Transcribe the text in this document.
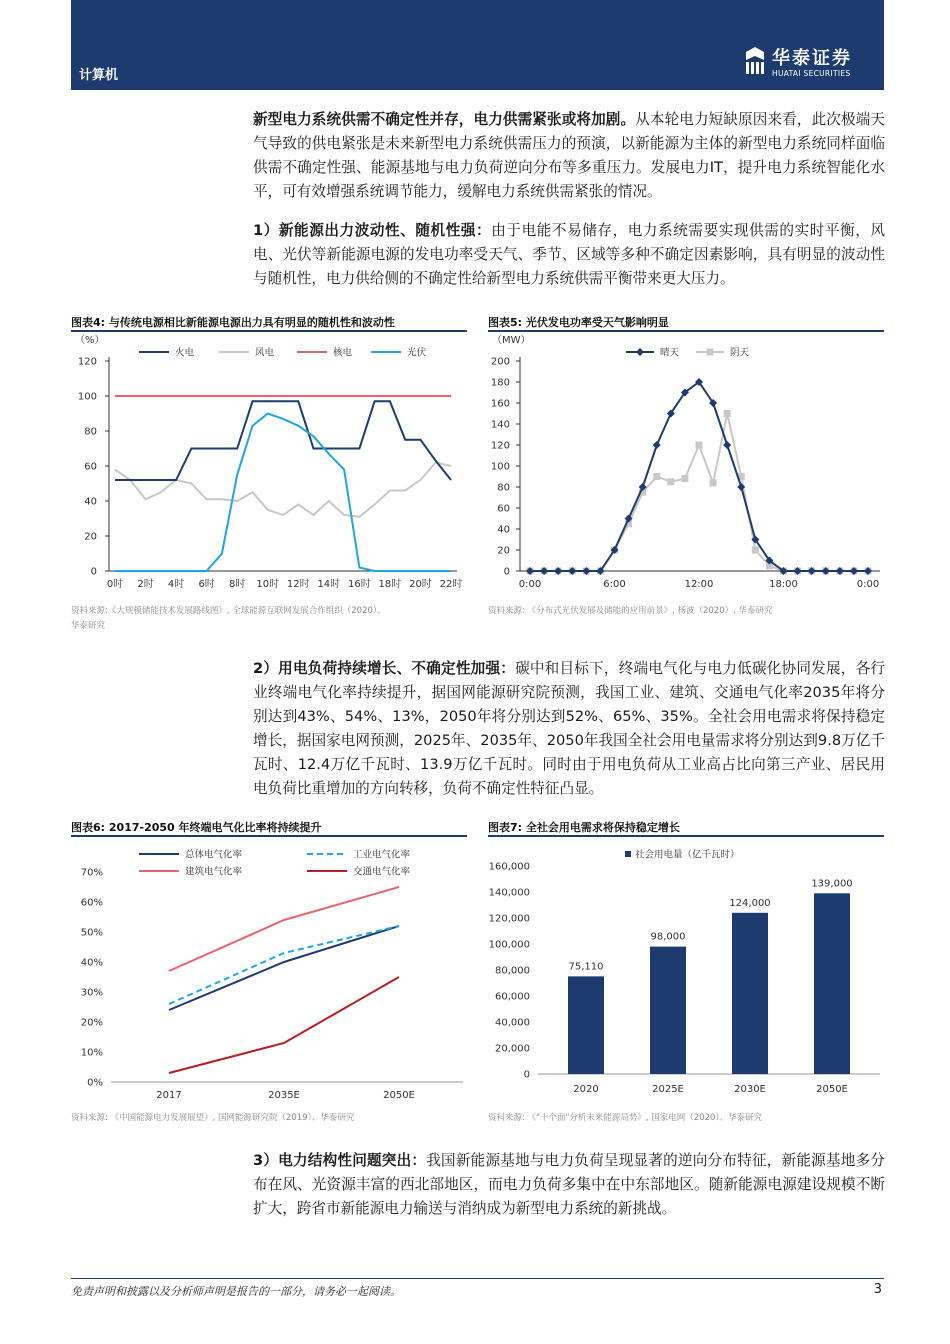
计算机
华泰证券
HUATAI SECURITIES
新型电力系统供需不确定性并存，电力供需紧张或将加剧。从本轮电力短缺原因来看，此次极端天气导致的供电紧张是未来新型电力系统供需压力的预演，以新能源为主体的新型电力系统同样面临供需不确定性强、能源基地与电力负荷逆向分布等多重压力。发展电力IT，提升电力系统智能化水平，可有效增强系统调节能力，缓解电力系统供需紧张的情况。
1）新能源出力波动性、随机性强：由于电能不易储存，电力系统需要实现供需的实时平衡，风电、光伏等新能源电源的发电功率受天气、季节、区域等多种不确定因素影响，具有明显的波动性与随机性，电力供给侧的不确定性给新型电力系统供需平衡带来更大压力。
图表4: 与传统电源相比新能源电源出力具有明显的随机性和波动性
（%）
0
20
40
60
80
100
120
0时 2时 4时 6时 8时 10时 12时 14时 16时 18时 20时 22时
火电	风电	核电	光伏
资料来源:《大规模储能技术发展路线图》, 全球能源互联网发展合作组织（2020）、
华泰研究
图表5: 光伏发电功率受天气影响明显
（MW）
0
20
40
60
80
100
120
140
160
180
200
0:00	6:00	12:00	18:00	0:00
晴天	阴天
资料来源: 《分布式光伏发展及储能的应用前景》, 杨波（2020）, 华泰研究
2）用电负荷持续增长、不确定性加强：碳中和目标下，终端电气化与电力低碳化协同发展，各行业终端电气化率持续提升，据国网能源研究院预测，我国工业、建筑、交通电气化率2035年将分别达到43%、54%、13%，2050年将分别达到52%、65%、35%。全社会用电需求将保持稳定增长，据国家电网预测，2025年、2035年、2050年我国全社会用电量需求将分别达到9.8万亿千瓦时、12.4万亿千瓦时、13.9万亿千瓦时。同时由于用电负荷从工业高占比向第三产业、居民用电负荷比重增加的方向转移，负荷不确定性特征凸显。
图表6: 2017-2050 年终端电气化比率将持续提升
0%
10%
20%
30%
40%
50%
60%
70%
2017	2035E	2050E
总体电气化率	工业电气化率
建筑电气化率	交通电气化率
资料来源: 《中国能源电力发展展望》, 国网能源研究院（2019）、华泰研究
图表7: 全社会用电需求将保持稳定增长
0
20,000
40,000
60,000
80,000
100,000
120,000
140,000
160,000
75,110
2020
98,000
2025E
124,000
2030E
139,000
2050E
社会用电量（亿千瓦时）
资料来源: 《"十个面"分析未来能源局势》, 国家电网（2020）、华泰研究
3）电力结构性问题突出：我国新能源基地与电力负荷呈现显著的逆向分布特征，新能源基地多分布在风、光资源丰富的西北部地区，而电力负荷多集中在中东部地区。随新能源电源建设规模不断扩大，跨省市新能源电力输送与消纳成为新型电力系统的新挑战。
免责声明和披露以及分析师声明是报告的一部分，请务必一起阅读。	3
